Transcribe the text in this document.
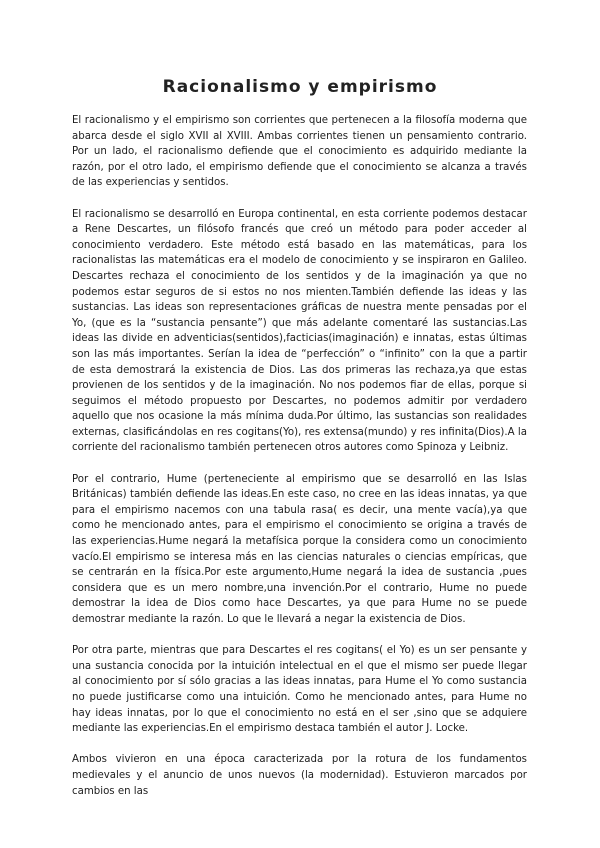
Racionalismo y empirismo

El racionalismo y el empirismo son corrientes que pertenecen a la filosofía moderna que abarca desde el siglo XVII al XVIII. Ambas corrientes tienen un pensamiento contrario. Por un lado, el racionalismo defiende que el conocimiento es adquirido mediante la razón, por el otro lado, el empirismo defiende que el conocimiento se alcanza a través de las experiencias y sentidos.

El racionalismo se desarrolló en Europa continental, en esta corriente podemos destacar a Rene Descartes, un filósofo francés que creó un método para poder acceder al conocimiento verdadero. Este método está basado en las matemáticas, para los racionalistas las matemáticas era el modelo de conocimiento y se inspiraron en Galileo. Descartes rechaza el conocimiento de los sentidos y de la imaginación ya que no podemos estar seguros de si estos no nos mienten.También defiende las ideas y las sustancias. Las ideas son representaciones gráficas de nuestra mente pensadas por el Yo, (que es la “sustancia pensante”) que más adelante comentaré las sustancias.Las ideas las divide en adventicias(sentidos),facticias(imaginación) e innatas, estas últimas son las más importantes. Serían la idea de “perfección” o “infinito” con la que a partir de esta demostrará la existencia de Dios. Las dos primeras las rechaza,ya que estas provienen de los sentidos y de la imaginación. No nos podemos fiar de ellas, porque si seguimos el método propuesto por Descartes, no podemos admitir por verdadero aquello que nos ocasione la más mínima duda.Por último, las sustancias son realidades externas, clasificándolas en res cogitans(Yo), res extensa(mundo) y res infinita(Dios).A la corriente del racionalismo también pertenecen otros autores como Spinoza y Leibniz.

Por el contrario, Hume (perteneciente al empirismo que se desarrolló en las Islas Británicas) también defiende las ideas.En este caso, no cree en las ideas innatas, ya que para el empirismo nacemos con una tabula rasa( es decir, una mente vacía),ya que como he mencionado antes, para el empirismo el conocimiento se origina a través de las experiencias.Hume negará la metafísica porque la considera como un conocimiento vacío.El empirismo se interesa más en las ciencias naturales o ciencias empíricas, que se centrarán en la física.Por este argumento,Hume negará la idea de sustancia ,pues considera que es un mero nombre,una invención.Por el contrario, Hume no puede demostrar la idea de Dios como hace Descartes, ya que para Hume no se puede demostrar mediante la razón. Lo que le llevará a negar la existencia de Dios.

Por otra parte, mientras que para Descartes el res cogitans( el Yo) es un ser pensante y una sustancia conocida por la intuición intelectual en el que el mismo ser puede llegar al conocimiento por sí sólo gracias a las ideas innatas, para Hume el Yo como sustancia no puede justificarse como una intuición. Como he mencionado antes, para Hume no hay ideas innatas, por lo que el conocimiento no está en el ser ,sino que se adquiere mediante las experiencias.En el empirismo destaca también el autor J. Locke.

Ambos vivieron en una época caracterizada por la rotura de los fundamentos medievales y el anuncio de unos nuevos (la modernidad). Estuvieron marcados por cambios en las
